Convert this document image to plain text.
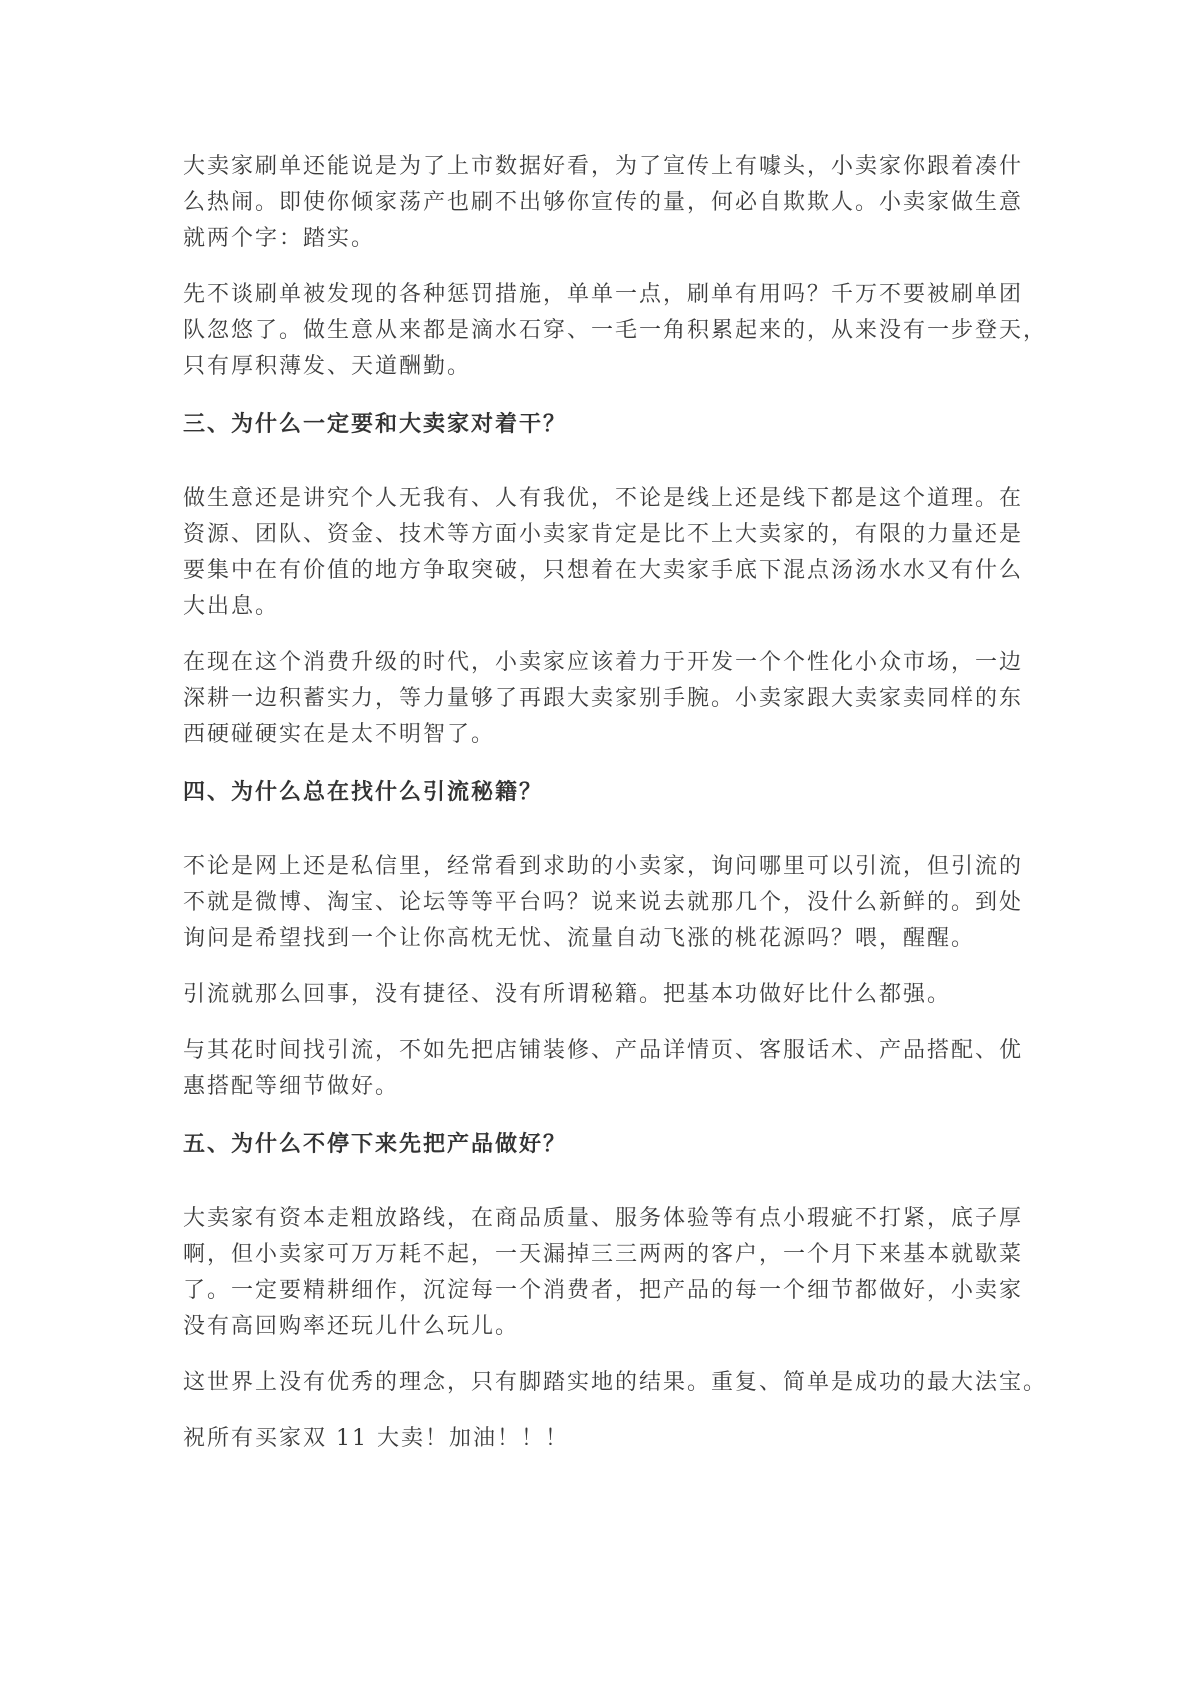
大卖家刷单还能说是为了上市数据好看，为了宣传上有噱头，小卖家你跟着凑什
么热闹。即使你倾家荡产也刷不出够你宣传的量，何必自欺欺人。小卖家做生意
就两个字：踏实。
先不谈刷单被发现的各种惩罚措施，单单一点，刷单有用吗？千万不要被刷单团
队忽悠了。做生意从来都是滴水石穿、一毛一角积累起来的，从来没有一步登天，
只有厚积薄发、天道酬勤。
三、为什么一定要和大卖家对着干？
做生意还是讲究个人无我有、人有我优，不论是线上还是线下都是这个道理。在
资源、团队、资金、技术等方面小卖家肯定是比不上大卖家的，有限的力量还是
要集中在有价值的地方争取突破，只想着在大卖家手底下混点汤汤水水又有什么
大出息。
在现在这个消费升级的时代，小卖家应该着力于开发一个个性化小众市场，一边
深耕一边积蓄实力，等力量够了再跟大卖家别手腕。小卖家跟大卖家卖同样的东
西硬碰硬实在是太不明智了。
四、为什么总在找什么引流秘籍？
不论是网上还是私信里，经常看到求助的小卖家，询问哪里可以引流，但引流的
不就是微博、淘宝、论坛等等平台吗？说来说去就那几个，没什么新鲜的。到处
询问是希望找到一个让你高枕无忧、流量自动飞涨的桃花源吗？喂，醒醒。
引流就那么回事，没有捷径、没有所谓秘籍。把基本功做好比什么都强。
与其花时间找引流，不如先把店铺装修、产品详情页、客服话术、产品搭配、优
惠搭配等细节做好。
五、为什么不停下来先把产品做好？
大卖家有资本走粗放路线，在商品质量、服务体验等有点小瑕疵不打紧，底子厚
啊，但小卖家可万万耗不起，一天漏掉三三两两的客户，一个月下来基本就歇菜
了。一定要精耕细作，沉淀每一个消费者，把产品的每一个细节都做好，小卖家
没有高回购率还玩儿什么玩儿。
这世界上没有优秀的理念，只有脚踏实地的结果。重复、简单是成功的最大法宝。
祝所有买家双 11 大卖！加油！！！
